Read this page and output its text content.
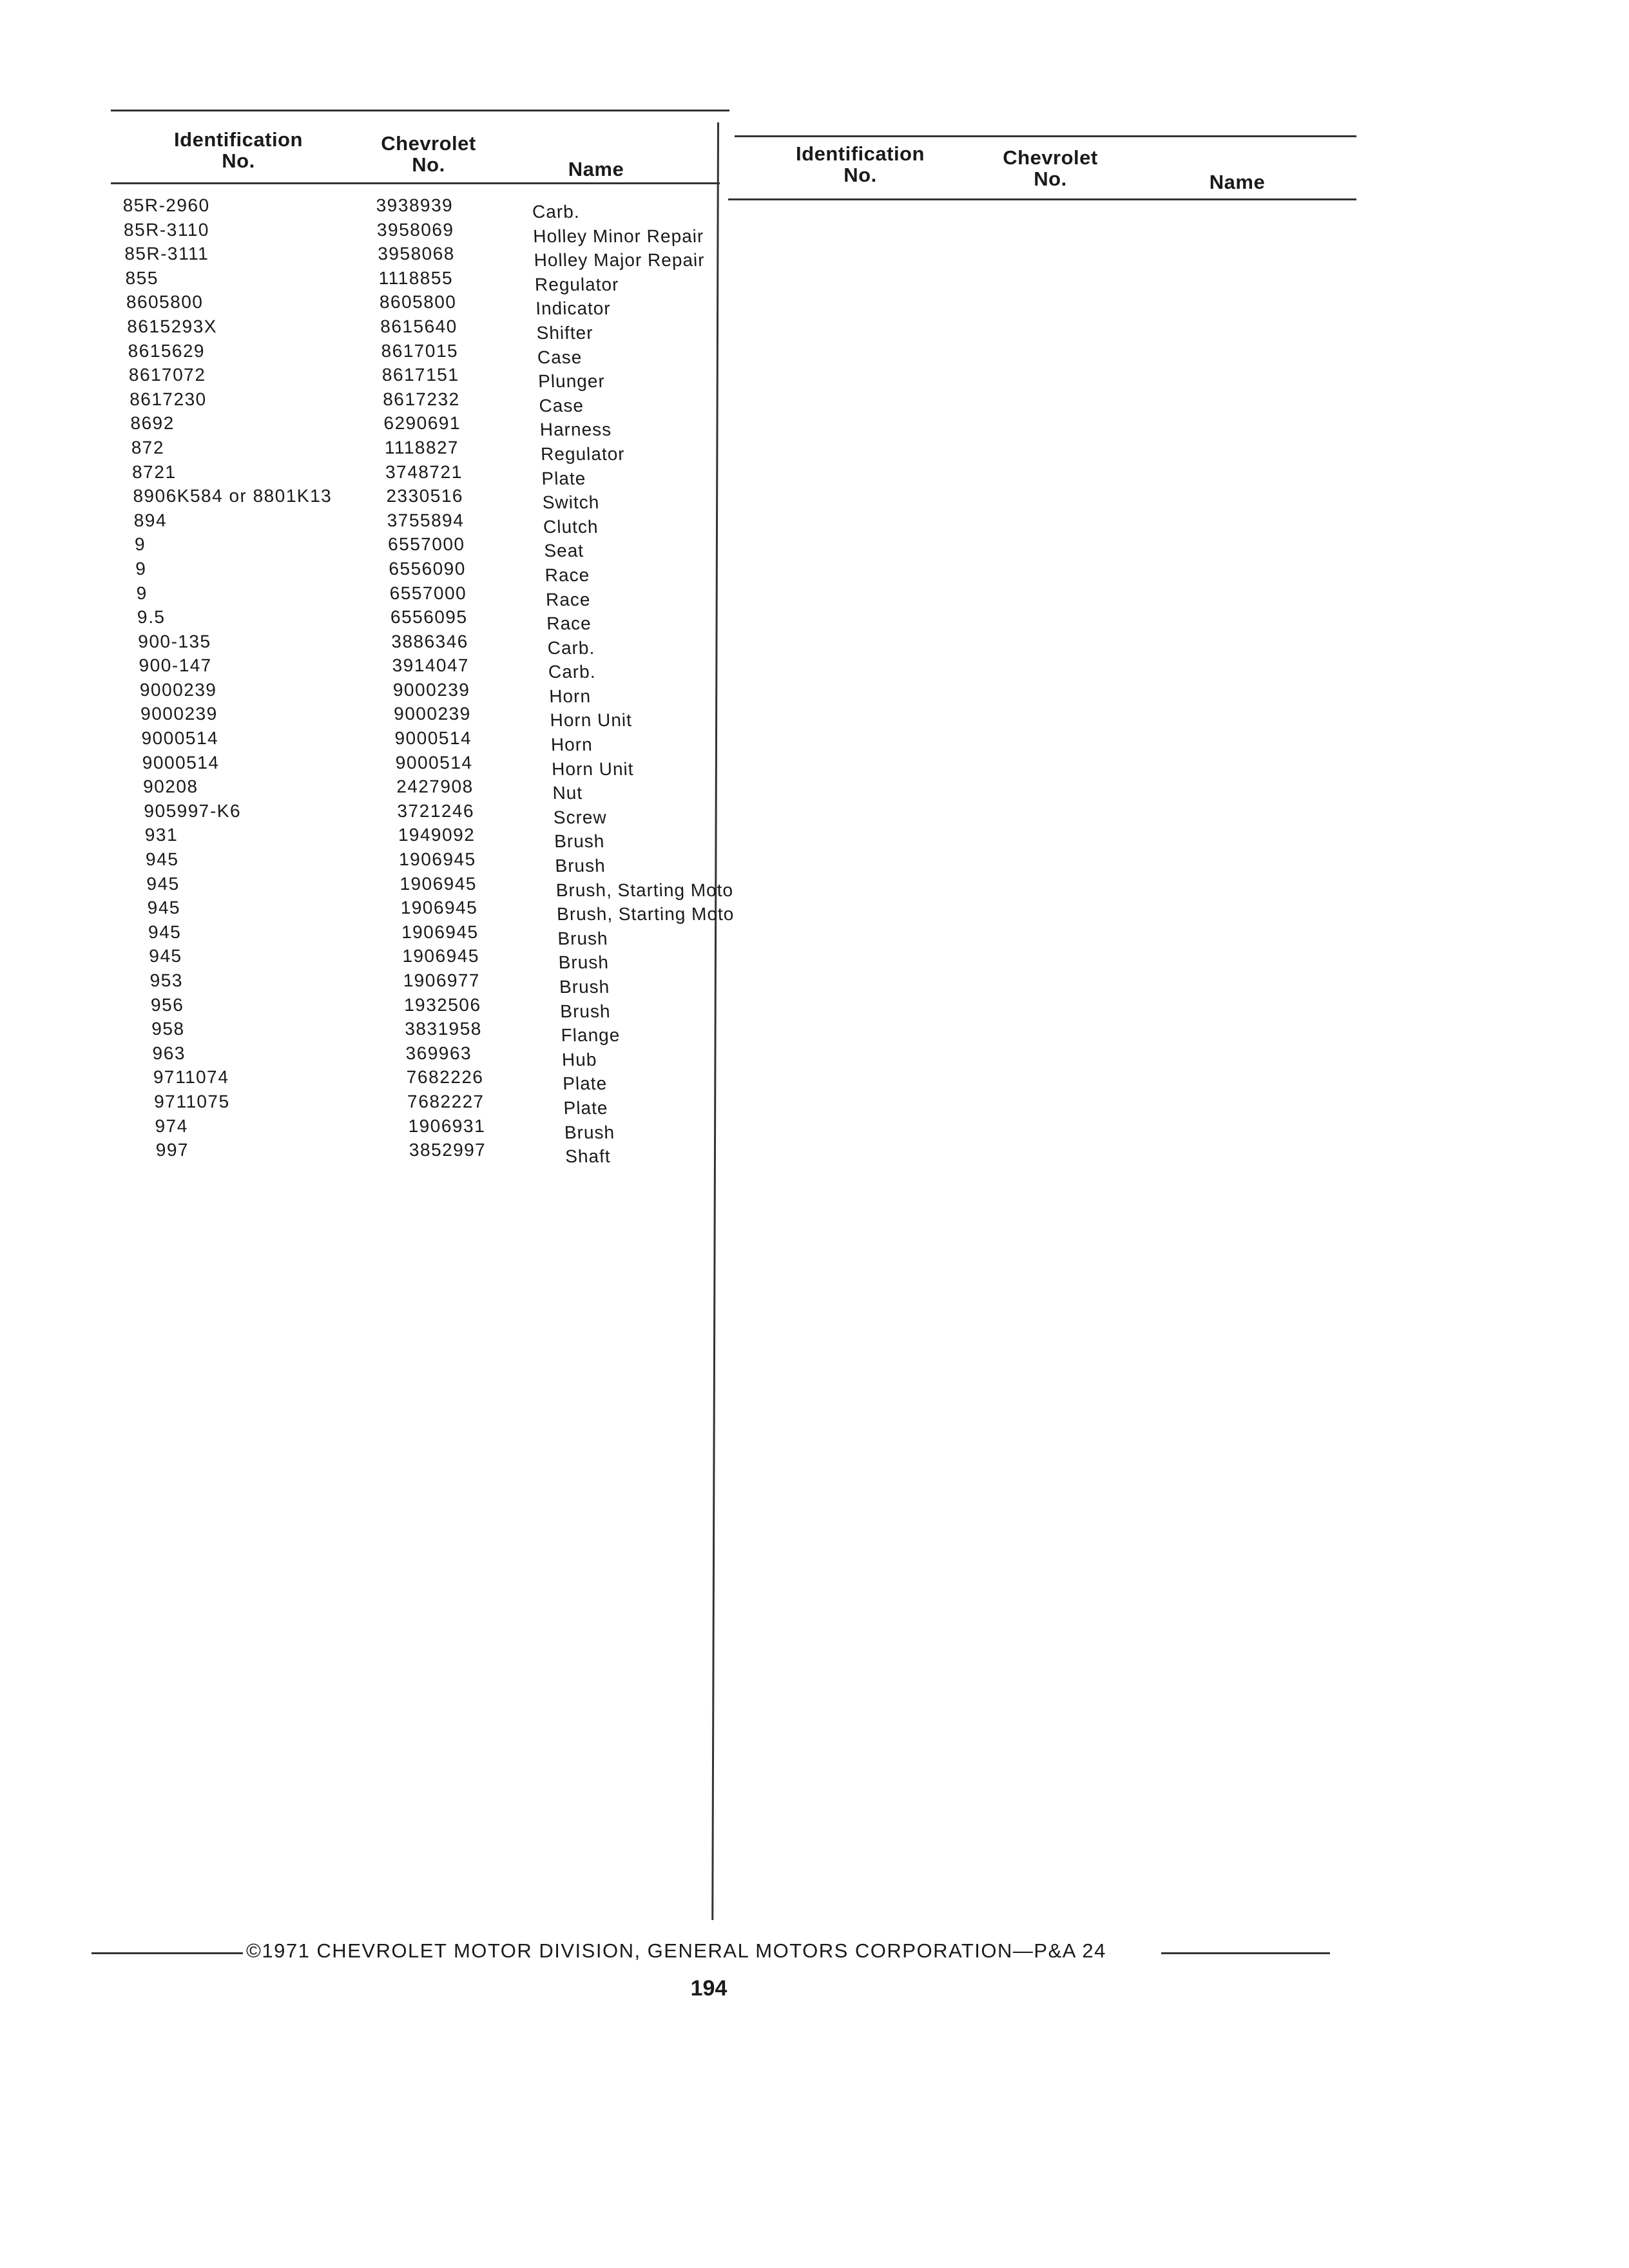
Identification
No.
Chevrolet
No.	Name
Identification
No.
Chevrolet
No.	Name
85R-2960	3938939	Carb.
85R-3110	3958069	Holley Minor Repair
85R-3111	3958068	Holley Major Repair
855	1118855	Regulator
8605800	8605800	Indicator
8615293X	8615640	Shifter
8615629	8617015	Case
8617072	8617151	Plunger
8617230	8617232	Case
8692	6290691	Harness
872	1118827	Regulator
8721	3748721	Plate
8906K584 or 8801K13	2330516	Switch
894	3755894	Clutch
9	6557000	Seat
9	6556090	Race
9	6557000	Race
9.5	6556095	Race
900-135	3886346	Carb.
900-147	3914047	Carb.
9000239	9000239	Horn
9000239	9000239	Horn Unit
9000514	9000514	Horn
9000514	9000514	Horn Unit
90208	2427908	Nut
905997-K6	3721246	Screw
931	1949092	Brush
945	1906945	Brush
945	1906945	Brush, Starting Moto
945	1906945	Brush, Starting Moto
945	1906945	Brush
945	1906945	Brush
953	1906977	Brush
956	1932506	Brush
958	3831958	Flange
963	369963	Hub
9711074	7682226	Plate
9711075	7682227	Plate
974	1906931	Brush
997	3852997	Shaft
©1971 CHEVROLET MOTOR DIVISION, GENERAL MOTORS CORPORATION—P&A 24
194
